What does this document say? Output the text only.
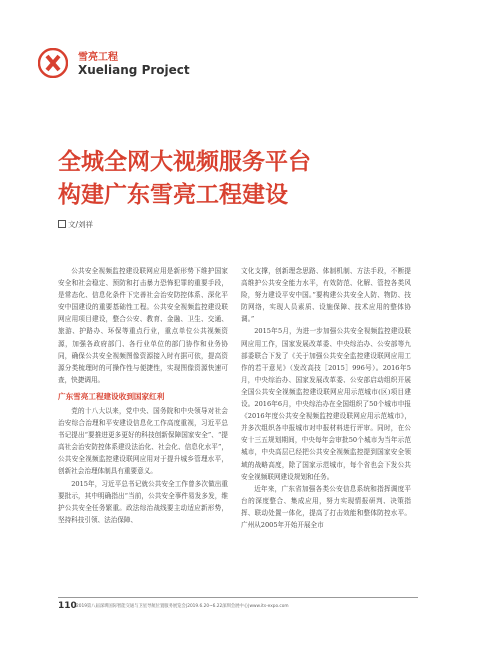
雪亮工程
Xueliang Project
全城全网大视频服务平台
构建广东雪亮工程建设
文/刘祥

公共安全视频监控建设联网应用是新形势下维护国家安全和社会稳定、预防和打击暴力恐怖犯罪的重要手段，是常态化、信息化条件下完善社会治安防控体系、深化平安中国建设的重要基础性工程。公共安全视频监控建设联网应用项目建设，整合公安、教育、金融、卫生、交通、旅游、护路办、环保等重点行业，重点单位公共视频资源，加强各政府部门、各行业单位的部门协作和业务协同，确保公共安全视频图像资源接入时有据可依，提高资源分类梳理时的可操作性与便捷性，实现图像资源快速可查，快捷调用。

广东雪亮工程建设收到国家红利

党的十八大以来，党中央、国务院和中央领导对社会治安综合治理和平安建设信息化工作高度重视，习近平总书记提出“要推进更多更好的科技创新保障国家安全”、“提高社会治安防控体系建设法治化、社会化、信息化水平”，公共安全视频监控建设联网应用对于提升城乡管理水平，创新社会治理体制具有重要意义。

2015年，习近平总书记就公共安全工作曾多次做出重要批示，其中明确指出“当前，公共安全事件易发多发，维护公共安全任务繁重。政法综治战线要主动适应新形势，坚持科技引领、法治保障、

文化支撑，创新理念思路、体制机制、方法手段，不断提高维护公共安全能力水平，有效防范、化解、管控各类风险，努力建设平安中国。”要构建公共安全人防、物防、技防网络，实现人员素质、设施保障、技术应用的整体协调。”

2015年5月，为进一步加强公共安全视频监控建设联网应用工作，国家发展改革委、中央综治办、公安部等九部委联合下发了《关于加强公共安全监控建设联网应用工作的若干意见》（发改高技［2015］996号）。2016年5月，中央综治办、国家发展改革委、公安部启动组织开展全国公共安全视频监控建设联网应用示范城市(区)项目建设。2016年6月，中央综治办在全国组织了50个城市申报《2016年度公共安全视频监控建设联网应用示范城市》，并多次组织各申报城市对申报材料进行评审。同时，在公安十三五规划期间，中央每年会审批50个城市为当年示范城市，中央高层已经把公共安全视频监控提到国家安全领域的战略高度，除了国家示范城市，每个省也会下发公共安全视频联网建设规划和任务。

近年来，广东省加强各类公安信息系统和指挥调度平台的深度整合、集成应用，努力实现情报研判、决策指挥、联动处置一体化，提高了打击效能和整体防控水平。广州从2005年开始开展全市

110 2019第八届深圳国际智能交通与卫星导航位置服务展览会|2019.6.20~6.22深圳会展中心|www.its-expo.com
